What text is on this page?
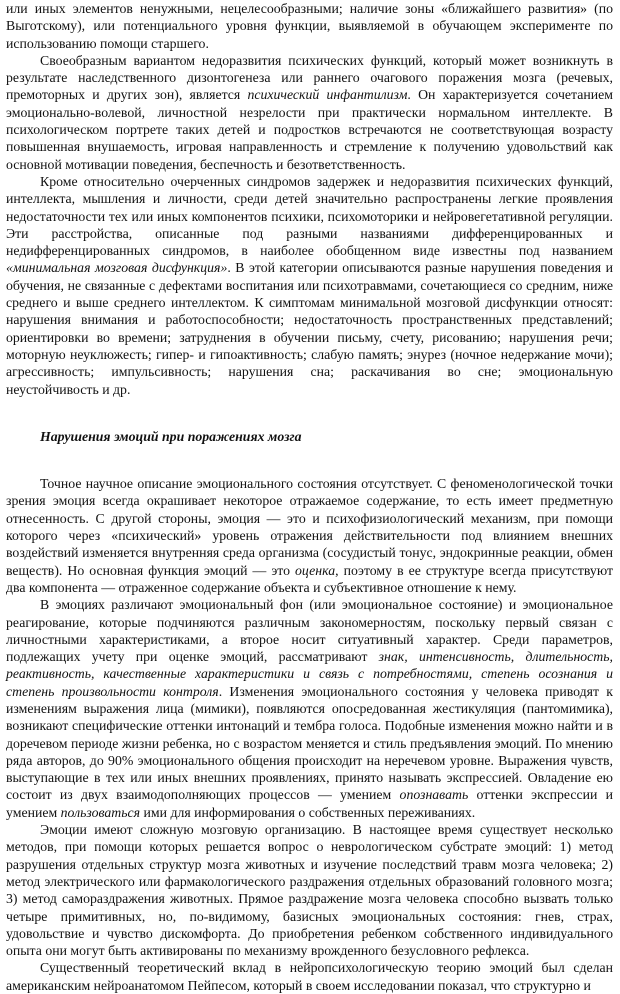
или иных элементов ненужными, нецелесообразными; наличие зоны «ближайшего развития» (по Выготскому), или потенциального уровня функции, выявляемой в обучающем эксперименте по использованию помощи старшего.

Своеобразным вариантом недоразвития психических функций, который может возникнуть в результате наследственного дизонтогенеза или раннего очагового поражения мозга (речевых, премоторных и других зон), является психический инфантилизм. Он характеризуется сочетанием эмоционально-волевой, личностной незрелости при практически нормальном интеллекте. В психологическом портрете таких детей и подростков встречаются не соответствующая возрасту повышенная внушаемость, игровая направленность и стремление к получению удовольствий как основной мотивации поведения, беспечность и безответственность.

Кроме относительно очерченных синдромов задержек и недоразвития психических функций, интеллекта, мышления и личности, среди детей значительно распространены легкие проявления недостаточности тех или иных компонентов психики, психомоторики и нейровегетативной регуляции. Эти расстройства, описанные под разными названиями дифференцированных и недифференцированных синдромов, в наиболее обобщенном виде известны под названием «минимальная мозговая дисфункция». В этой категории описываются разные нарушения поведения и обучения, не связанные с дефектами воспитания или психотравмами, сочетающиеся со средним, ниже среднего и выше среднего интеллектом. К симптомам минимальной мозговой дисфункции относят: нарушения внимания и работоспособности; недостаточность пространственных представлений; ориентировки во времени; затруднения в обучении письму, счету, рисованию; нарушения речи; моторную неуклюжесть; гипер- и гипоактивность; слабую память; энурез (ночное недержание мочи); агрессивность; импульсивность; нарушения сна; раскачивания во сне; эмоциональную неустойчивость и др.

Нарушения эмоций при поражениях мозга

Точное научное описание эмоционального состояния отсутствует. С феноменологической точки зрения эмоция всегда окрашивает некоторое отражаемое содержание, то есть имеет предметную отнесенность. С другой стороны, эмоция — это и психофизиологический механизм, при помощи которого через «психический» уровень отражения действительности под влиянием внешних воздействий изменяется внутренняя среда организма (сосудистый тонус, эндокринные реакции, обмен веществ). Но основная функция эмоций — это оценка, поэтому в ее структуре всегда присутствуют два компонента — отраженное содержание объекта и субъективное отношение к нему.

В эмоциях различают эмоциональный фон (или эмоциональное состояние) и эмоциональное реагирование, которые подчиняются различным закономерностям, поскольку первый связан с личностными характеристиками, а второе носит ситуативный характер. Среди параметров, подлежащих учету при оценке эмоций, рассматривают знак, интенсивность, длительность, реактивность, качественные характеристики и связь с потребностями, степень осознания и степень произвольности контроля. Изменения эмоционального состояния у человека приводят к изменениям выражения лица (мимики), появляются опосредованная жестикуляция (пантомимика), возникают специфические оттенки интонаций и тембра голоса. Подобные изменения можно найти и в доречевом периоде жизни ребенка, но с возрастом меняется и стиль предъявления эмоций. По мнению ряда авторов, до 90% эмоционального общения происходит на неречевом уровне. Выражения чувств, выступающие в тех или иных внешних проявлениях, принято называть экспрессией. Овладение ею состоит из двух взаимодополняющих процессов — умением опознавать оттенки экспрессии и умением пользоваться ими для информирования о собственных переживаниях.

Эмоции имеют сложную мозговую организацию. В настоящее время существует несколько методов, при помощи которых решается вопрос о неврологическом субстрате эмоций: 1) метод разрушения отдельных структур мозга животных и изучение последствий травм мозга человека; 2) метод электрического или фармакологического раздражения отдельных образований головного мозга; 3) метод самораздражения животных. Прямое раздражение мозга человека способно вызвать только четыре примитивных, но, по-видимому, базисных эмоциональных состояния: гнев, страх, удовольствие и чувство дискомфорта. До приобретения ребенком собственного индивидуального опыта они могут быть активированы по механизму врожденного безусловного рефлекса.

Существенный теоретический вклад в нейропсихологическую теорию эмоций был сделан американским нейроанатомом Пейпесом, который в своем исследовании показал, что структурно и
